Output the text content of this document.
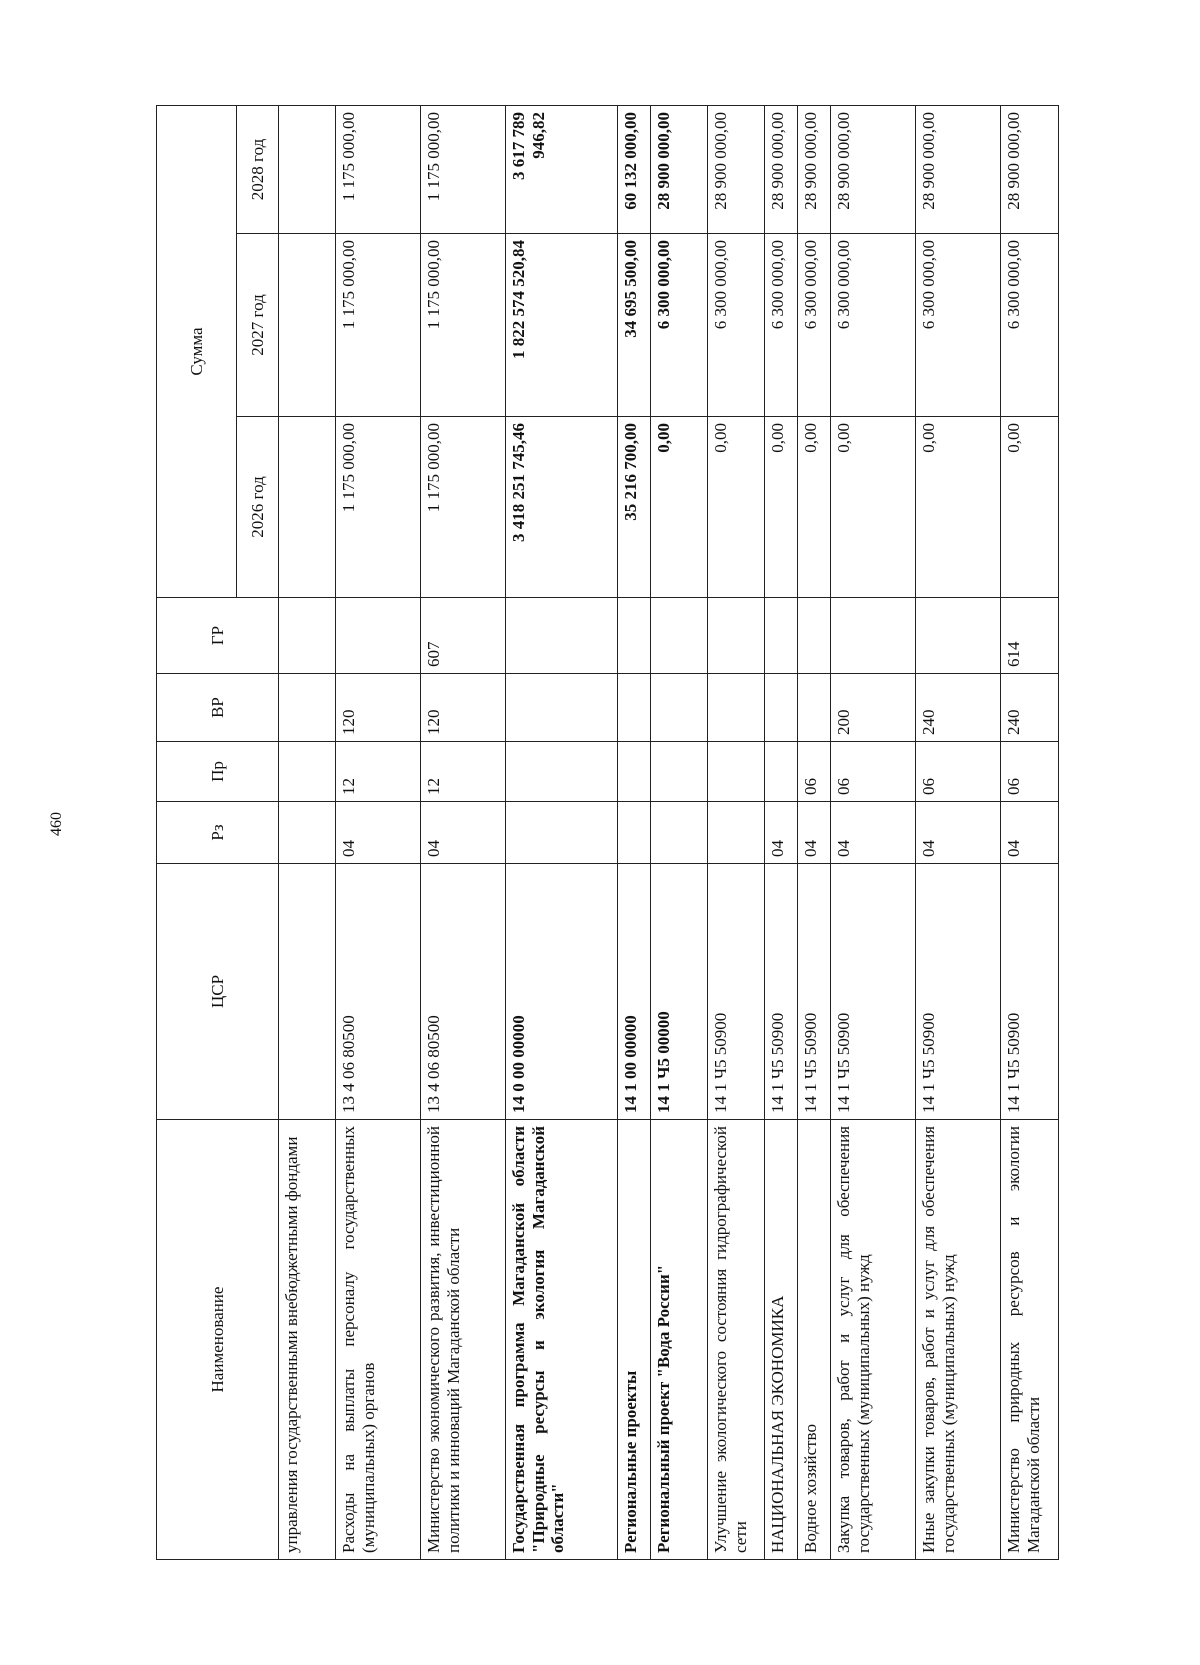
460
Наименование	ЦСР	Рз	Пр	ВР	ГР	Сумма		
						2026 год	2027 год	2028 год
управления государственными внебюджетными фондами								
Расходы на выплаты персоналу государственных (муниципальных) органов	13 4 06 80500	04	12	120		1 175 000,00	1 175 000,00	1 175 000,00
Министерство экономического развития, инвестиционной политики и инноваций Магаданской области	13 4 06 80500	04	12	120	607	1 175 000,00	1 175 000,00	1 175 000,00
Государственная программа Магаданской области "Природные ресурсы и экология Магаданской области"	14 0 00 00000					3 418 251 745,46	1 822 574 520,84	3 617 789 946,82
Региональные проекты	14 1 00 00000					35 216 700,00	34 695 500,00	60 132 000,00
Региональный проект "Вода России"	14 1 Ч5 00000					0,00	6 300 000,00	28 900 000,00
Улучшение экологического состояния гидрографической сети	14 1 Ч5 50900					0,00	6 300 000,00	28 900 000,00
НАЦИОНАЛЬНАЯ ЭКОНОМИКА	14 1 Ч5 50900	04				0,00	6 300 000,00	28 900 000,00
Водное хозяйство	14 1 Ч5 50900	04	06			0,00	6 300 000,00	28 900 000,00
Закупка товаров, работ и услуг для обеспечения государственных (муниципальных) нужд	14 1 Ч5 50900	04	06	200		0,00	6 300 000,00	28 900 000,00
Иные закупки товаров, работ и услуг для обеспечения государственных (муниципальных) нужд	14 1 Ч5 50900	04	06	240		0,00	6 300 000,00	28 900 000,00
Министерство природных ресурсов и экологии Магаданской области	14 1 Ч5 50900	04	06	240	614	0,00	6 300 000,00	28 900 000,00
